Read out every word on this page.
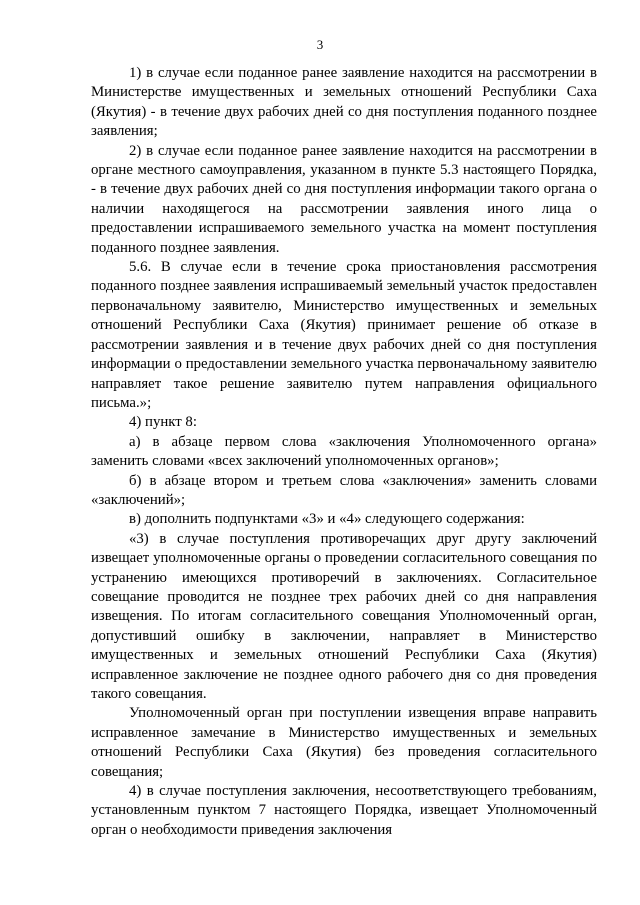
3

1) в случае если поданное ранее заявление находится на рассмотрении в Министерстве имущественных и земельных отношений Республики Саха (Якутия) - в течение двух рабочих дней со дня поступления поданного позднее заявления;

2) в случае если поданное ранее заявление находится на рассмотрении в органе местного самоуправления, указанном в пункте 5.3 настоящего Порядка, - в течение двух рабочих дней со дня поступления информации такого органа о наличии находящегося на рассмотрении заявления иного лица о предоставлении испрашиваемого земельного участка на момент поступления поданного позднее заявления.

5.6. В случае если в течение срока приостановления рассмотрения поданного позднее заявления испрашиваемый земельный участок предоставлен первоначальному заявителю, Министерство имущественных и земельных отношений Республики Саха (Якутия) принимает решение об отказе в рассмотрении заявления и в течение двух рабочих дней со дня поступления информации о предоставлении земельного участка первоначальному заявителю направляет такое решение заявителю путем направления официального письма.»;

4) пункт 8:

а) в абзаце первом слова «заключения Уполномоченного органа» заменить словами «всех заключений уполномоченных органов»;

б) в абзаце втором и третьем слова «заключения» заменить словами «заключений»;

в) дополнить подпунктами «3» и «4» следующего содержания:

«3) в случае поступления противоречащих друг другу заключений извещает уполномоченные органы о проведении согласительного совещания по устранению имеющихся противоречий в заключениях. Согласительное совещание проводится не позднее трех рабочих дней со дня направления извещения. По итогам согласительного совещания Уполномоченный орган, допустивший ошибку в заключении, направляет в Министерство имущественных и земельных отношений Республики Саха (Якутия) исправленное заключение не позднее одного рабочего дня со дня проведения такого совещания.

Уполномоченный орган при поступлении извещения вправе направить исправленное замечание в Министерство имущественных и земельных отношений Республики Саха (Якутия) без проведения согласительного совещания;

4) в случае поступления заключения, несоответствующего требованиям, установленным пунктом 7 настоящего Порядка, извещает Уполномоченный орган о необходимости приведения заключения
